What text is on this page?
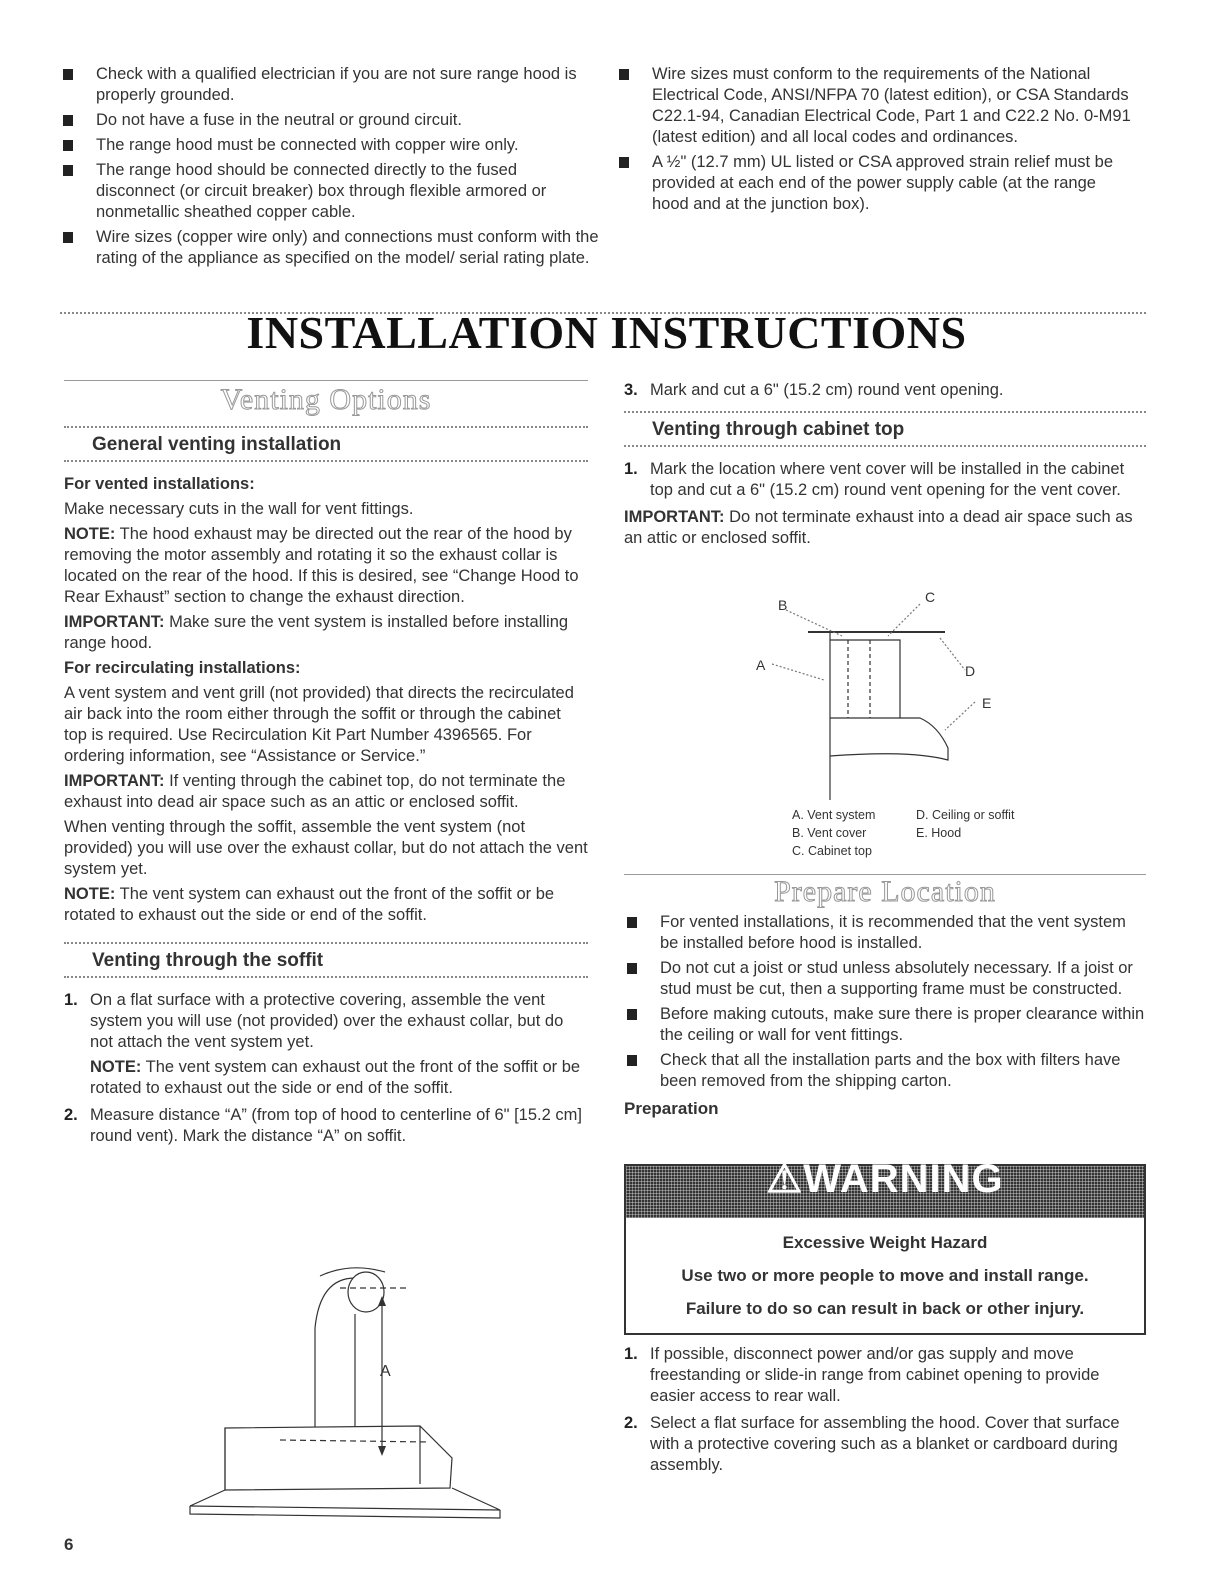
Check with a qualified electrician if you are not sure range hood is properly grounded.
Do not have a fuse in the neutral or ground circuit.
The range hood must be connected with copper wire only.
The range hood should be connected directly to the fused disconnect (or circuit breaker) box through flexible armored or nonmetallic sheathed copper cable.
Wire sizes (copper wire only) and connections must conform with the rating of the appliance as specified on the model/ serial rating plate.
Wire sizes must conform to the requirements of the National Electrical Code, ANSI/NFPA 70 (latest edition), or CSA Standards C22.1-94, Canadian Electrical Code, Part 1 and C22.2 No. 0-M91 (latest edition) and all local codes and ordinances.
A ½" (12.7 mm) UL listed or CSA approved strain relief must be provided at each end of the power supply cable (at the range hood and at the junction box).
INSTALLATION INSTRUCTIONS
Venting Options
General venting installation

For vented installations:

Make necessary cuts in the wall for vent fittings.

NOTE: The hood exhaust may be directed out the rear of the hood by removing the motor assembly and rotating it so the exhaust collar is located on the rear of the hood. If this is desired, see “Change Hood to Rear Exhaust” section to change the exhaust direction.

IMPORTANT: Make sure the vent system is installed before installing range hood.

For recirculating installations:

A vent system and vent grill (not provided) that directs the recirculated air back into the room either through the soffit or through the cabinet top is required. Use Recirculation Kit Part Number 4396565. For ordering information, see “Assistance or Service.”

IMPORTANT: If venting through the cabinet top, do not terminate the exhaust into dead air space such as an attic or enclosed soffit.

When venting through the soffit, assemble the vent system (not provided) you will use over the exhaust collar, but do not attach the vent system yet.

NOTE: The vent system can exhaust out the front of the soffit or be rotated to exhaust out the side or end of the soffit.

Venting through the soffit
1. On a flat surface with a protective covering, assemble the vent system you will use (not provided) over the exhaust collar, but do not attach the vent system yet.
NOTE: The vent system can exhaust out the front of the soffit or be rotated to exhaust out the side or end of the soffit.
2. Measure distance “A” (from top of hood to centerline of 6" [15.2 cm] round vent). Mark the distance “A” on soffit.
A
6
3. Mark and cut a 6" (15.2 cm) round vent opening.
Venting through cabinet top
1. Mark the location where vent cover will be installed in the cabinet top and cut a 6" (15.2 cm) round vent opening for the vent cover.

IMPORTANT: Do not terminate exhaust into a dead air space such as an attic or enclosed soffit.

B	C
A	D
E
A. Vent system
B. Vent cover
C. Cabinet top
D. Ceiling or soffit
E. Hood
Prepare Location
For vented installations, it is recommended that the vent system be installed before hood is installed.
Do not cut a joist or stud unless absolutely necessary. If a joist or stud must be cut, then a supporting frame must be constructed.
Before making cutouts, make sure there is proper clearance within the ceiling or wall for vent fittings.
Check that all the installation parts and the box with filters have been removed from the shipping carton.

Preparation

⚠WARNING
Excessive Weight Hazard
Use two or more people to move and install range.
Failure to do so can result in back or other injury.
1. If possible, disconnect power and/or gas supply and move freestanding or slide-in range from cabinet opening to provide easier access to rear wall.
2. Select a flat surface for assembling the hood. Cover that surface with a protective covering such as a blanket or cardboard during assembly.
